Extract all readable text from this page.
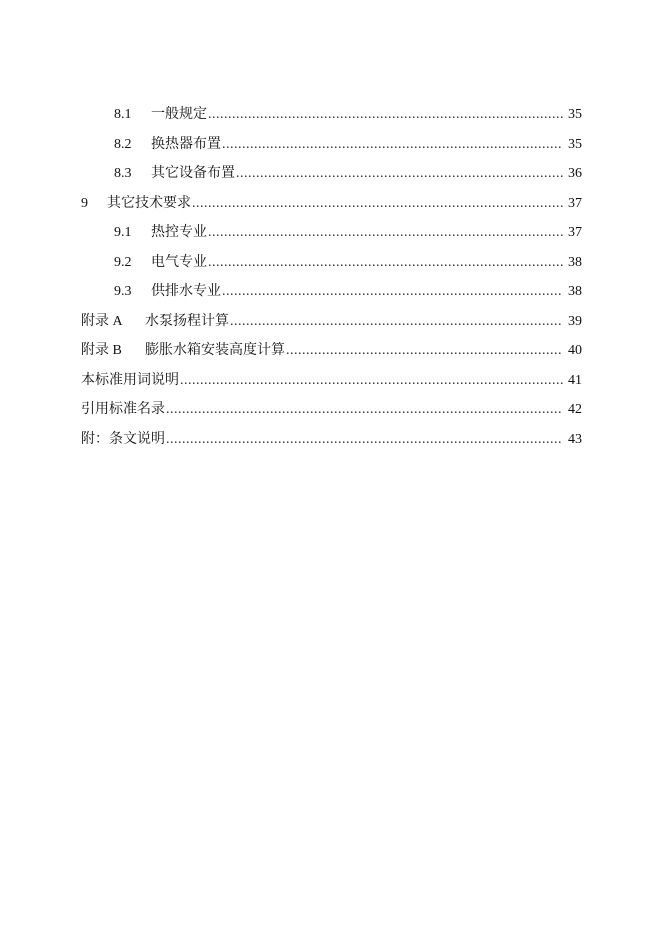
8.1	一般规定 .....	35
8.2	换热器布置 .....	35
8.3	其它设备布置 .....	36
9	其它技术要求 .....	37
9.1	热控专业 .....	37
9.2	电气专业 .....	38
9.3	供排水专业 .....	38
附录 A	水泵扬程计算 .....	39
附录 B	膨胀水箱安装高度计算 .....	40
本标准用词说明 .....	41
引用标准名录 .....	42
附：条文说明 .....	43
